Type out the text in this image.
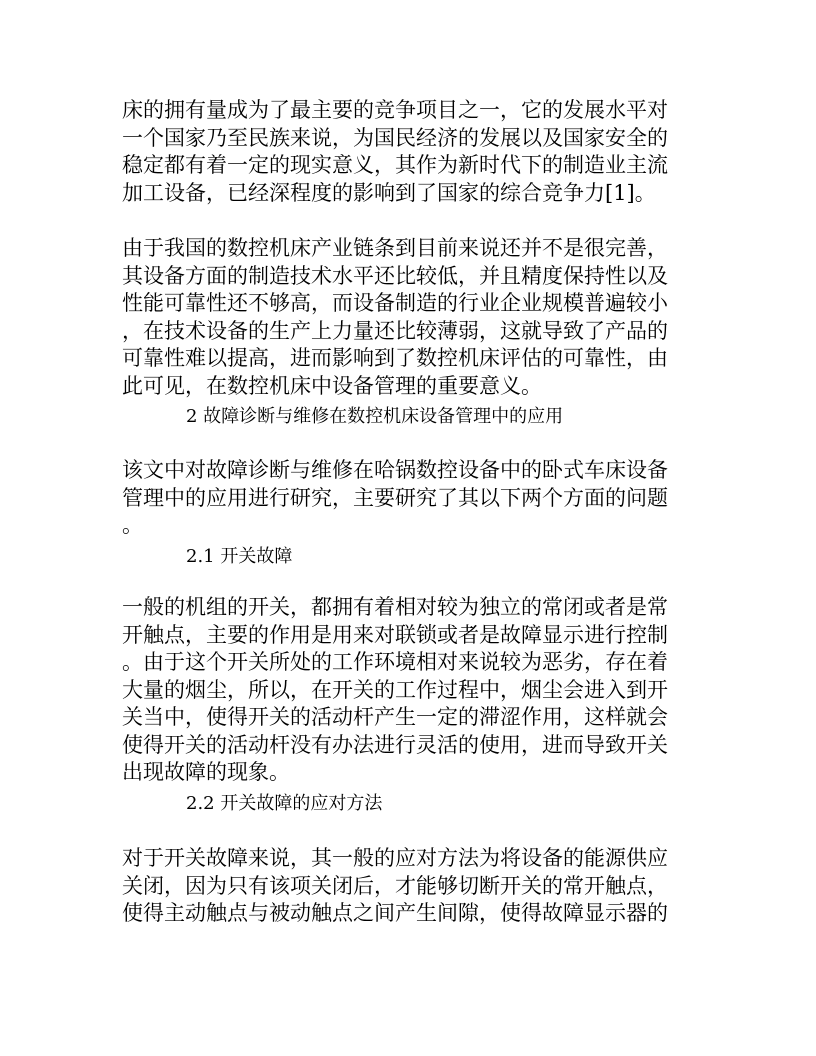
床的拥有量成为了最主要的竞争项目之一，它的发展水平对
一个国家乃至民族来说，为国民经济的发展以及国家安全的
稳定都有着一定的现实意义，其作为新时代下的制造业主流
加工设备，已经深程度的影响到了国家的综合竞争力[1]。

由于我国的数控机床产业链条到目前来说还并不是很完善，
其设备方面的制造技术水平还比较低，并且精度保持性以及
性能可靠性还不够高，而设备制造的行业企业规模普遍较小
，在技术设备的生产上力量还比较薄弱，这就导致了产品的
可靠性难以提高，进而影响到了数控机床评估的可靠性，由
此可见，在数控机床中设备管理的重要意义。

2 故障诊断与维修在数控机床设备管理中的应用

该文中对故障诊断与维修在哈锅数控设备中的卧式车床设备
管理中的应用进行研究，主要研究了其以下两个方面的问题
。

2.1 开关故障

一般的机组的开关，都拥有着相对较为独立的常闭或者是常
开触点，主要的作用是用来对联锁或者是故障显示进行控制
。由于这个开关所处的工作环境相对来说较为恶劣，存在着
大量的烟尘，所以，在开关的工作过程中，烟尘会进入到开
关当中，使得开关的活动杆产生一定的滞涩作用，这样就会
使得开关的活动杆没有办法进行灵活的使用，进而导致开关
出现故障的现象。

2.2 开关故障的应对方法

对于开关故障来说，其一般的应对方法为将设备的能源供应
关闭，因为只有该项关闭后，才能够切断开关的常开触点，
使得主动触点与被动触点之间产生间隙，使得故障显示器的
